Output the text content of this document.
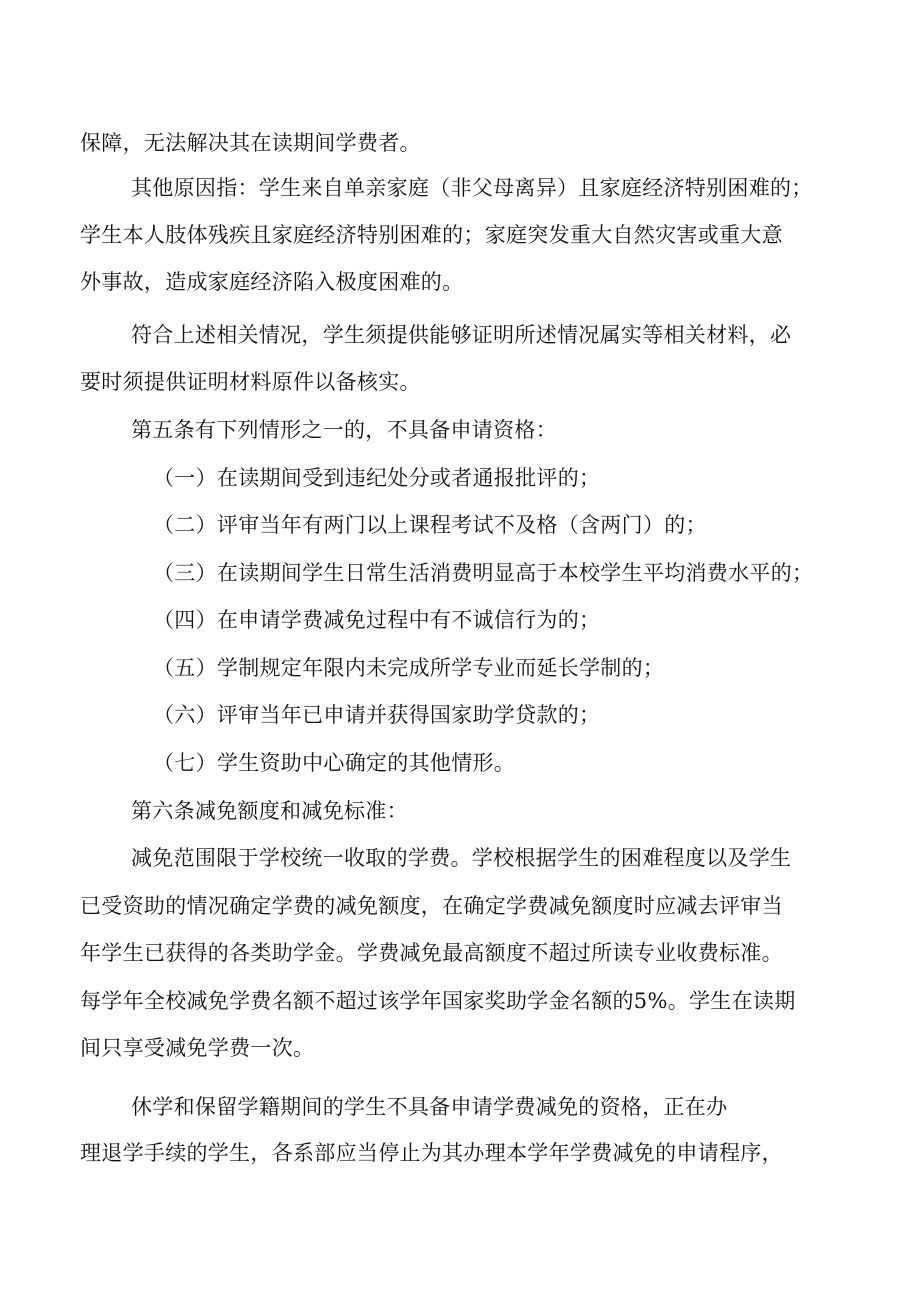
保障，无法解决其在读期间学费者。
其他原因指：学生来自单亲家庭（非父母离异）且家庭经济特别困难的；
学生本人肢体残疾且家庭经济特别困难的；家庭突发重大自然灾害或重大意
外事故，造成家庭经济陷入极度困难的。
符合上述相关情况，学生须提供能够证明所述情况属实等相关材料，必
要时须提供证明材料原件以备核实。
第五条有下列情形之一的，不具备申请资格：
（一）在读期间受到违纪处分或者通报批评的；
（二）评审当年有两门以上课程考试不及格（含两门）的；
（三）在读期间学生日常生活消费明显高于本校学生平均消费水平的；
（四）在申请学费减免过程中有不诚信行为的；
（五）学制规定年限内未完成所学专业而延长学制的；
（六）评审当年已申请并获得国家助学贷款的；
（七）学生资助中心确定的其他情形。
第六条减免额度和减免标准：
减免范围限于学校统一收取的学费。学校根据学生的困难程度以及学生
已受资助的情况确定学费的减免额度，在确定学费减免额度时应减去评审当
年学生已获得的各类助学金。学费减免最高额度不超过所读专业收费标准。
每学年全校减免学费名额不超过该学年国家奖助学金名额的5%。学生在读期
间只享受减免学费一次。
休学和保留学籍期间的学生不具备申请学费减免的资格，正在办
理退学手续的学生，各系部应当停止为其办理本学年学费减免的申请程序，
